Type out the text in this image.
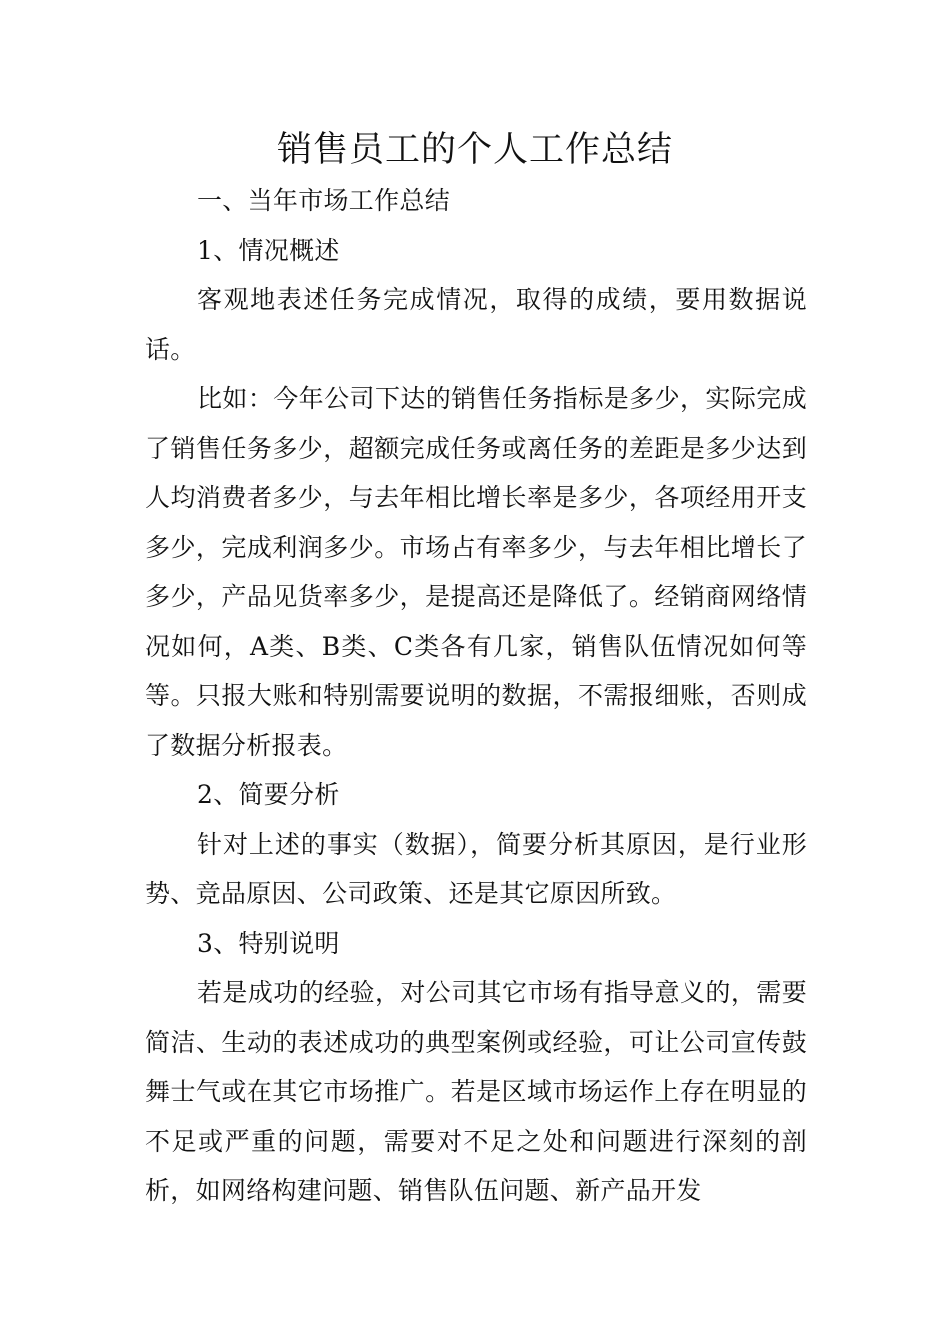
销售员工的个人工作总结

一、当年市场工作总结

1、情况概述

客观地表述任务完成情况，取得的成绩，要用数据说话。

比如：今年公司下达的销售任务指标是多少，实际完成了销售任务多少，超额完成任务或离任务的差距是多少达到人均消费者多少，与去年相比增长率是多少，各项经用开支多少，完成利润多少。市场占有率多少，与去年相比增长了多少，产品见货率多少，是提高还是降低了。经销商网络情况如何，A类、B类、C类各有几家，销售队伍情况如何等等。只报大账和特别需要说明的数据，不需报细账，否则成了数据分析报表。

2、简要分析

针对上述的事实（数据），简要分析其原因，是行业形势、竞品原因、公司政策、还是其它原因所致。

3、特别说明

若是成功的经验，对公司其它市场有指导意义的，需要简洁、生动的表述成功的典型案例或经验，可让公司宣传鼓舞士气或在其它市场推广。若是区域市场运作上存在明显的不足或严重的问题，需要对不足之处和问题进行深刻的剖析，如网络构建问题、销售队伍问题、新产品开发
